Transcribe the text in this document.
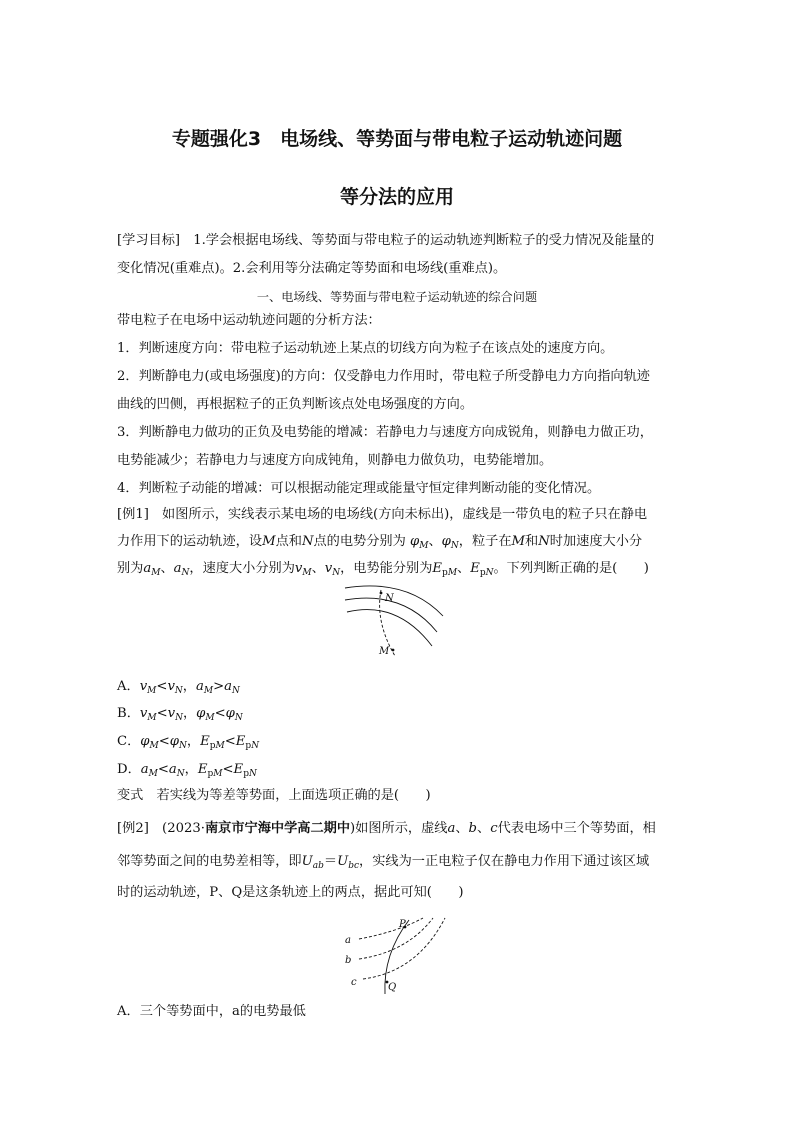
专题强化3　电场线、等势面与带电粒子运动轨迹问题
等分法的应用
[学习目标]　1.学会根据电场线、等势面与带电粒子的运动轨迹判断粒子的受力情况及能量的
变化情况(重难点)。2.会利用等分法确定等势面和电场线(重难点)。
一、电场线、等势面与带电粒子运动轨迹的综合问题
带电粒子在电场中运动轨迹问题的分析方法：
1．判断速度方向：带电粒子运动轨迹上某点的切线方向为粒子在该点处的速度方向。
2．判断静电力(或电场强度)的方向：仅受静电力作用时，带电粒子所受静电力方向指向轨迹
曲线的凹侧，再根据粒子的正负判断该点处电场强度的方向。
3．判断静电力做功的正负及电势能的增减：若静电力与速度方向成锐角，则静电力做正功，
电势能减少；若静电力与速度方向成钝角，则静电力做负功，电势能增加。
4．判断粒子动能的增减：可以根据动能定理或能量守恒定律判断动能的变化情况。
[例1]　如图所示，实线表示某电场的电场线(方向未标出)，虚线是一带负电的粒子只在静电
力作用下的运动轨迹，设M点和N点的电势分别为 $\varphi_M$、$\varphi_N$，粒子在M和N时加速度大小分
别为$a_M$、$a_N$，速度大小分别为$v_M$、$v_N$，电势能分别为$E_{pM}$、$E_{pN}$。下列判断正确的是(　　)
N
M
A．$v_M<v_N$，$a_M>a_N$
B．$v_M<v_N$，$\varphi_M<\varphi_N$
C．$\varphi_M<\varphi_N$，$E_{pM}<E_{pN}$
D．$a_M<a_N$，$E_{pM}<E_{pN}$
变式　若实线为等差等势面，上面选项正确的是(　　)
[例2]　(2023·南京市宁海中学高二期中)如图所示，虚线a、b、c代表电场中三个等势面，相
邻等势面之间的电势差相等，即$U_{ab}=U_{bc}$，实线为一正电粒子仅在静电力作用下通过该区域
时的运动轨迹，P、Q是这条轨迹上的两点，据此可知(　　)
a
b
c
P
Q
A．三个等势面中，a的电势最低
